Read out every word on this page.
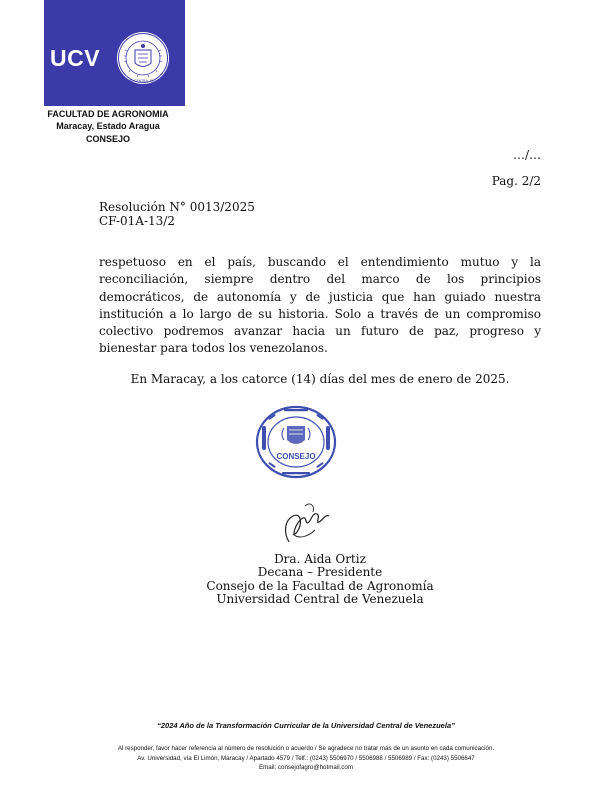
UCV
UNIVERSIDAD CENTRAL DE VENEZUELA
FACULTAD DE AGRONOMIA
Maracay, Estado Aragua
CONSEJO
…/…
Pag. 2/2
Resolución N° 0013/2025
CF-01A-13/2
respetuoso en el país, buscando el entendimiento mutuo y la reconciliación, siempre dentro del marco de los principios democráticos, de autonomía y de justicia que han guiado nuestra institución a lo largo de su historia. Solo a través de un compromiso colectivo podremos avanzar hacia un futuro de paz, progreso y bienestar para todos los venezolanos.
En Maracay, a los catorce (14) días del mes de enero de 2025.
CONSEJO
Dra. Aida Ortiz
Decana – Presidente
Consejo de la Facultad de Agronomía
Universidad Central de Venezuela
“2024 Año de la Transformación Curricular de la Universidad Central de Venezuela”
Al responder, favor hacer referencia al número de resolución o acuerdo / Se agradece no tratar más de un asunto en cada comunicación.
Av. Universidad, vía El Limón, Maracay / Apartado 4579 / Telf.: (0243) 5506970 / 5506988 / 5506989 / Fax: (0243) 5506647
Email: consejofagro@hotmail.com
